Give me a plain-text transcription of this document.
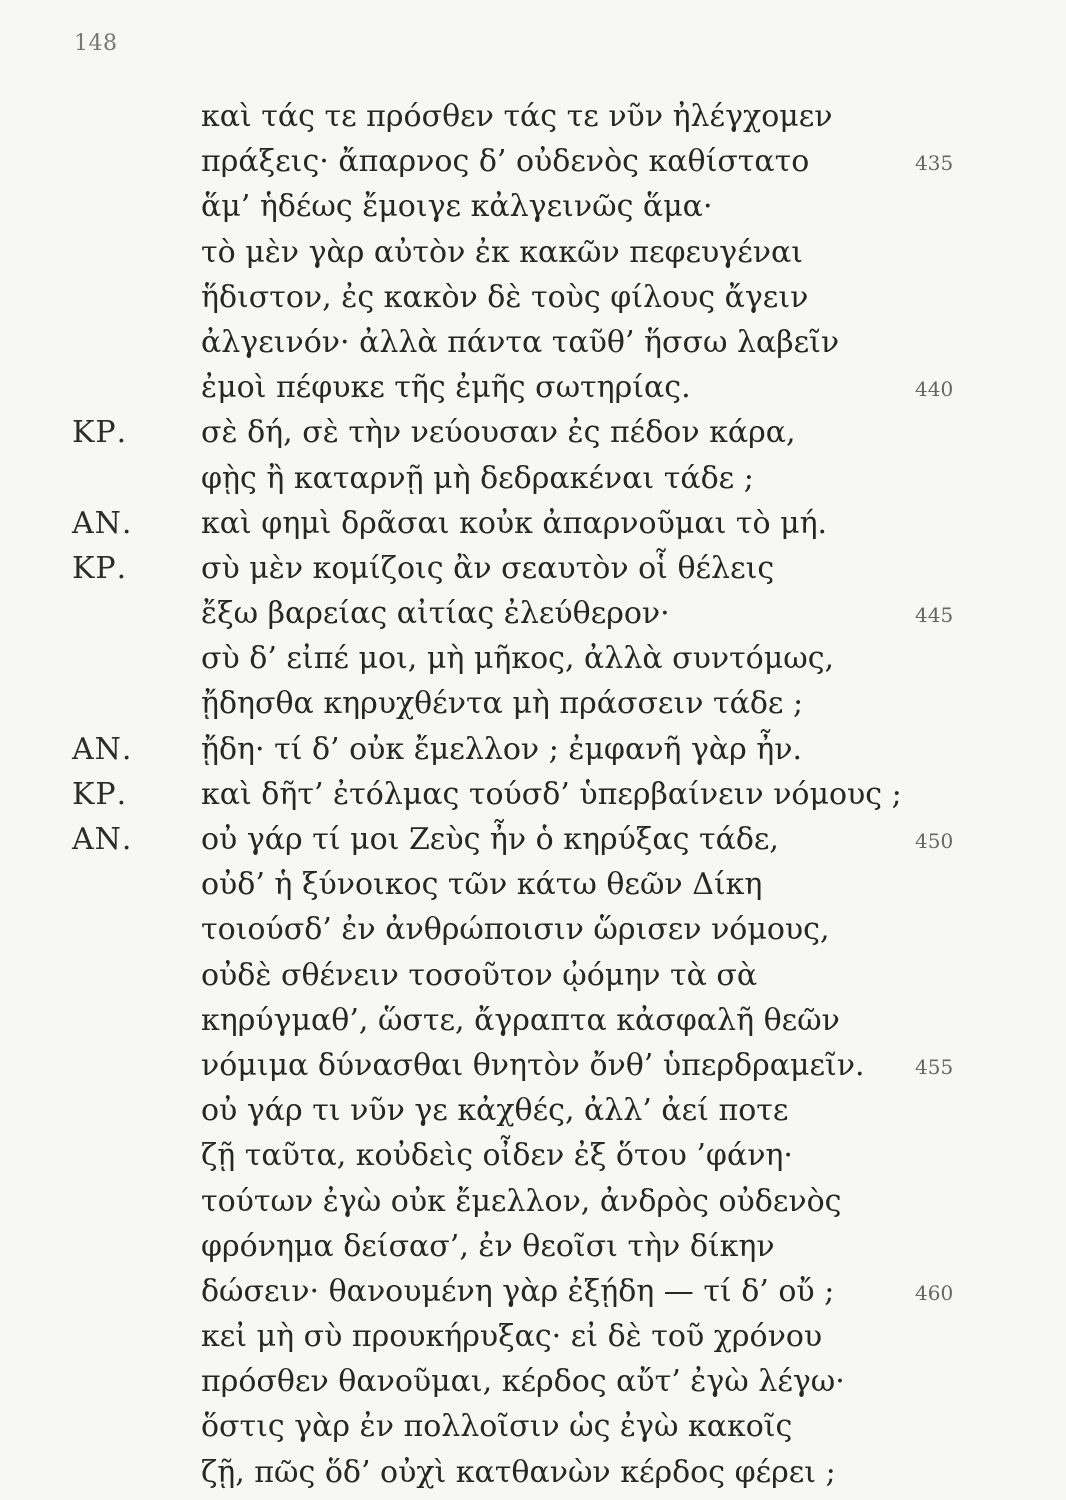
148
καὶ τάς τε πρόσθεν τάς τε νῦν ἠλέγχομεν
πράξεις· ἄπαρνος δ’ οὐδενὸς καθίστατο	435
ἅμ’ ἡδέως ἔμοιγε κἀλγεινῶς ἅμα·
τὸ μὲν γὰρ αὐτὸν ἐκ κακῶν πεφευγέναι
ἥδιστον, ἐς κακὸν δὲ τοὺς φίλους ἄγειν
ἀλγεινόν· ἀλλὰ πάντα ταῦθ’ ἥσσω λαβεῖν
ἐμοὶ πέφυκε τῆς ἐμῆς σωτηρίας.	440
ΚΡ. σὲ δή, σὲ τὴν νεύουσαν ἐς πέδον κάρα,
φῂς ἢ καταρνῇ μὴ δεδρακέναι τάδε ;
ΑΝ. καὶ φημὶ δρᾶσαι κοὐκ ἀπαρνοῦμαι τὸ μή.
ΚΡ. σὺ μὲν κομίζοις ἂν σεαυτὸν οἷ θέλεις
ἔξω βαρείας αἰτίας ἐλεύθερον·	445
σὺ δ’ εἰπέ μοι, μὴ μῆκος, ἀλλὰ συντόμως,
ᾔδησθα κηρυχθέντα μὴ πράσσειν τάδε ;
ΑΝ. ᾔδη· τί δ’ οὐκ ἔμελλον ; ἐμφανῆ γὰρ ἦν.
ΚΡ. καὶ δῆτ’ ἐτόλμας τούσδ’ ὑπερβαίνειν νόμους ;
ΑΝ. οὐ γάρ τί μοι Ζεὺς ἦν ὁ κηρύξας τάδε,	450
οὐδ’ ἡ ξύνοικος τῶν κάτω θεῶν Δίκη
τοιούσδ’ ἐν ἀνθρώποισιν ὥρισεν νόμους,
οὐδὲ σθένειν τοσοῦτον ᾠόμην τὰ σὰ
κηρύγμαθ’, ὥστε, ἄγραπτα κἀσφαλῆ θεῶν
νόμιμα δύνασθαι θνητὸν ὄνθ’ ὑπερδραμεῖν.	455
οὐ γάρ τι νῦν γε κἀχθές, ἀλλ’ ἀεί ποτε
ζῇ ταῦτα, κοὐδεὶς οἶδεν ἐξ ὅτου ’φάνη·
τούτων ἐγὼ οὐκ ἔμελλον, ἀνδρὸς οὐδενὸς
φρόνημα δείσασ’, ἐν θεοῖσι τὴν δίκην
δώσειν· θανουμένη γὰρ ἐξῄδη — τί δ’ οὔ ;	460
κεἰ μὴ σὺ προυκήρυξας· εἰ δὲ τοῦ χρόνου
πρόσθεν θανοῦμαι, κέρδος αὔτ’ ἐγὼ λέγω·
ὅστις γὰρ ἐν πολλοῖσιν ὡς ἐγὼ κακοῖς
ζῇ, πῶς ὅδ’ οὐχὶ κατθανὼν κέρδος φέρει ;
